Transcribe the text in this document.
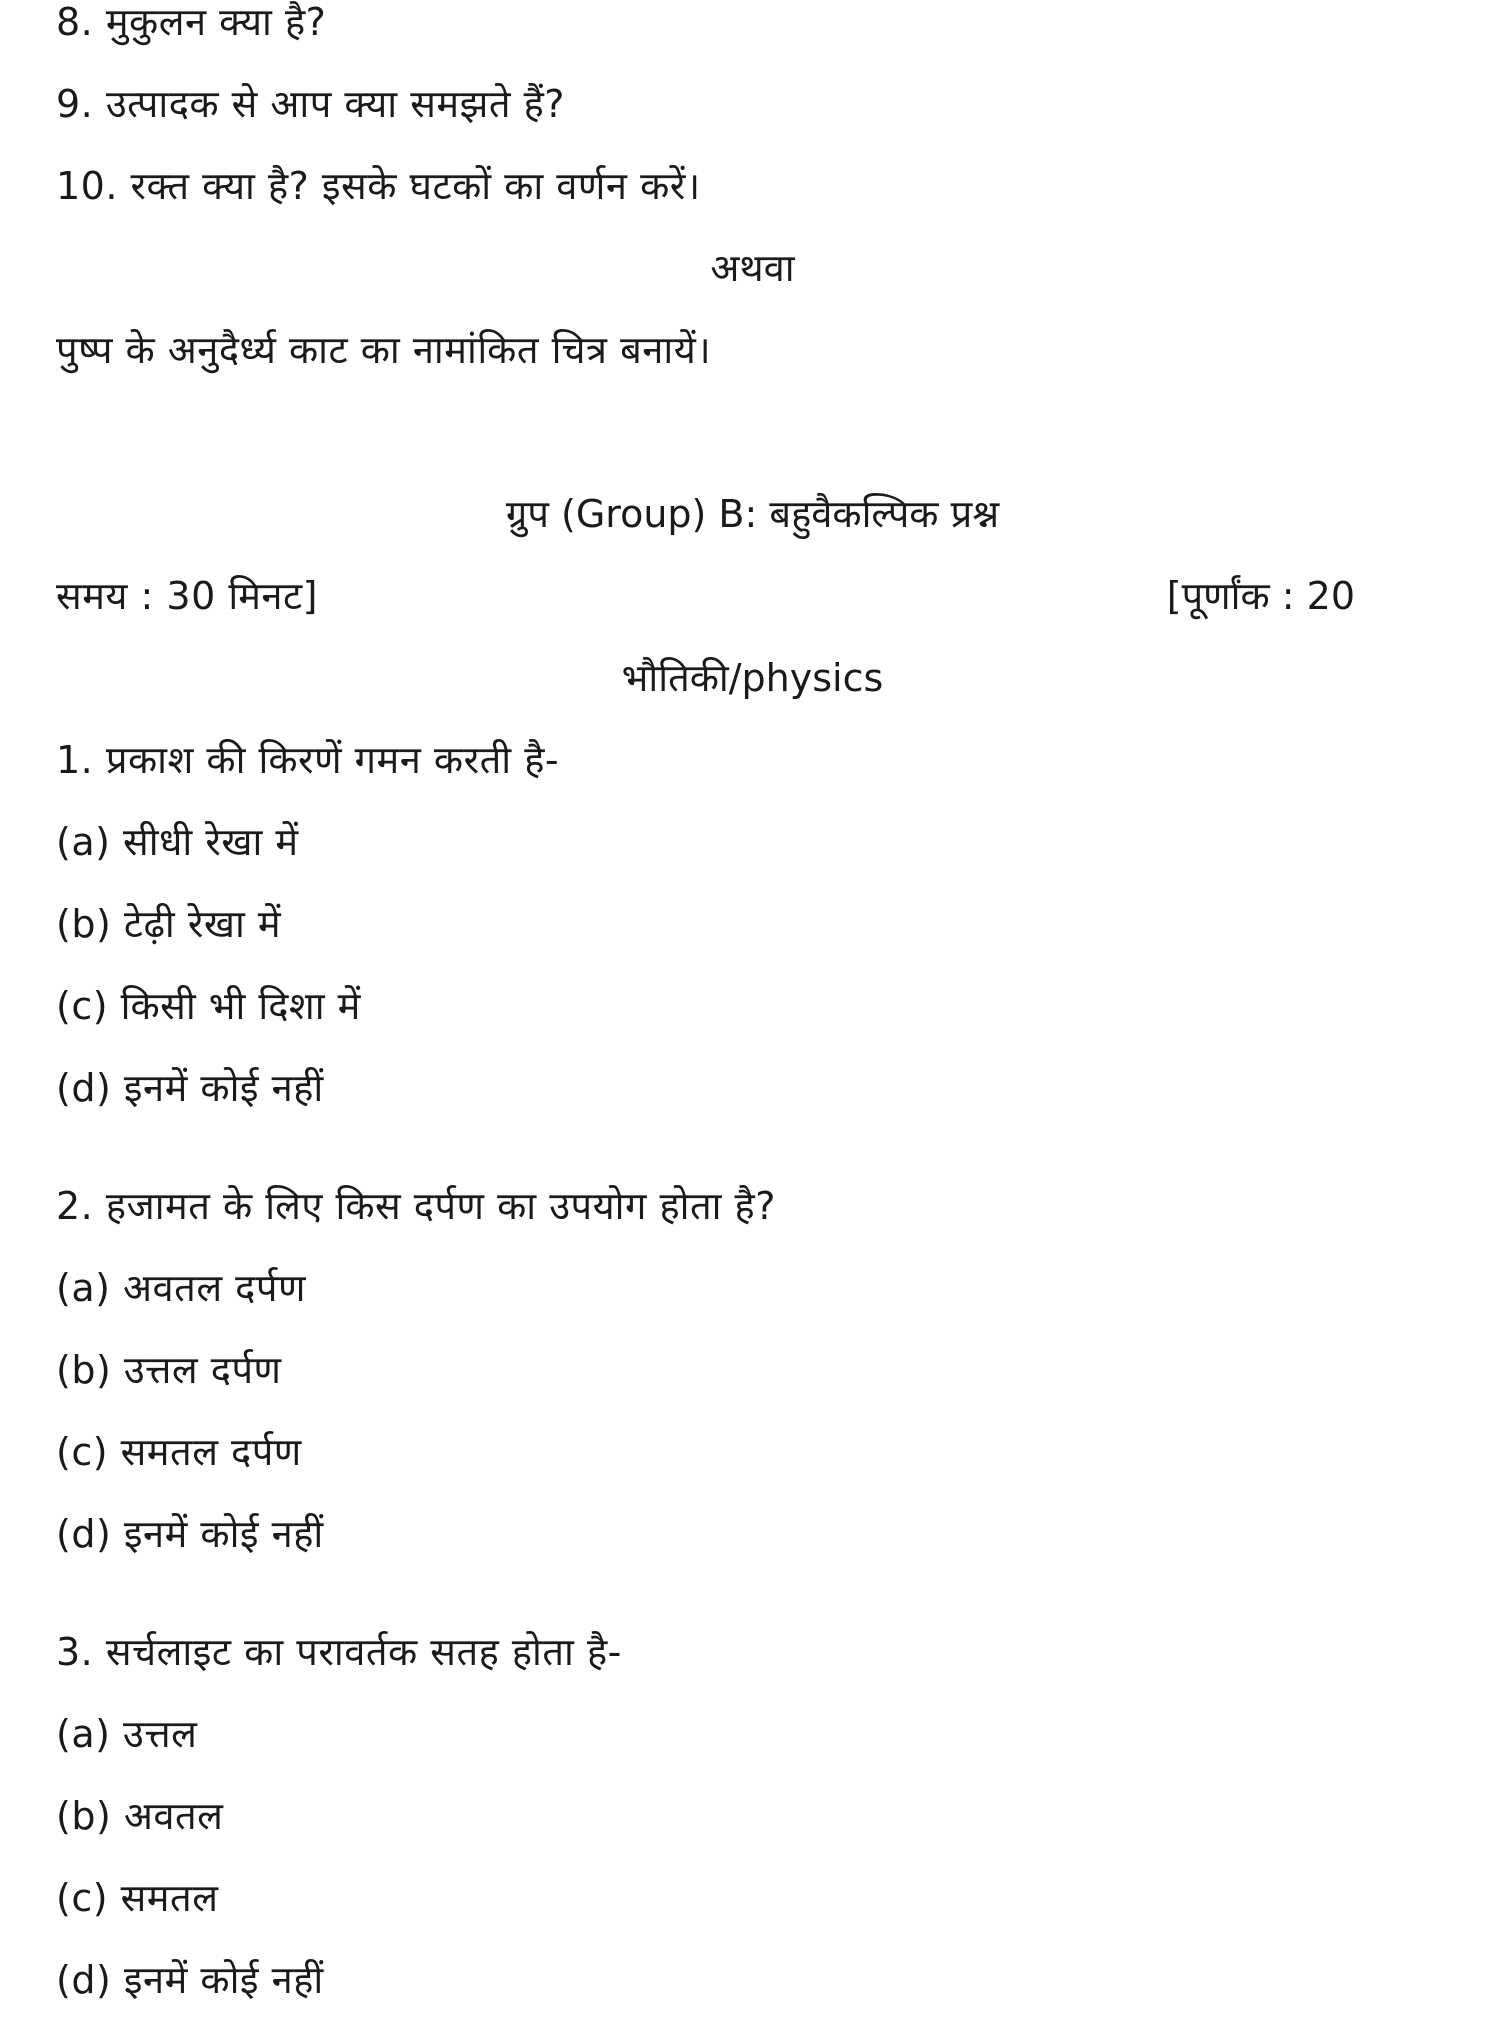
8. मुकुलन क्या है?
9. उत्पादक से आप क्या समझते हैं?
10. रक्त क्या है? इसके घटकों का वर्णन करें।
अथवा
पुष्प के अनुदैर्ध्य काट का नामांकित चित्र बनायें।
ग्रुप (Group) B: बहुवैकल्पिक प्रश्न
समय : 30 मिनट]	[पूर्णांक : 20
भौतिकी/physics
1. प्रकाश की किरणें गमन करती है-
(a) सीधी रेखा में
(b) टेढ़ी रेखा में
(c) किसी भी दिशा में
(d) इनमें कोई नहीं
2. हजामत के लिए किस दर्पण का उपयोग होता है?
(a) अवतल दर्पण
(b) उत्तल दर्पण
(c) समतल दर्पण
(d) इनमें कोई नहीं
3. सर्चलाइट का परावर्तक सतह होता है-
(a) उत्तल
(b) अवतल
(c) समतल
(d) इनमें कोई नहीं
